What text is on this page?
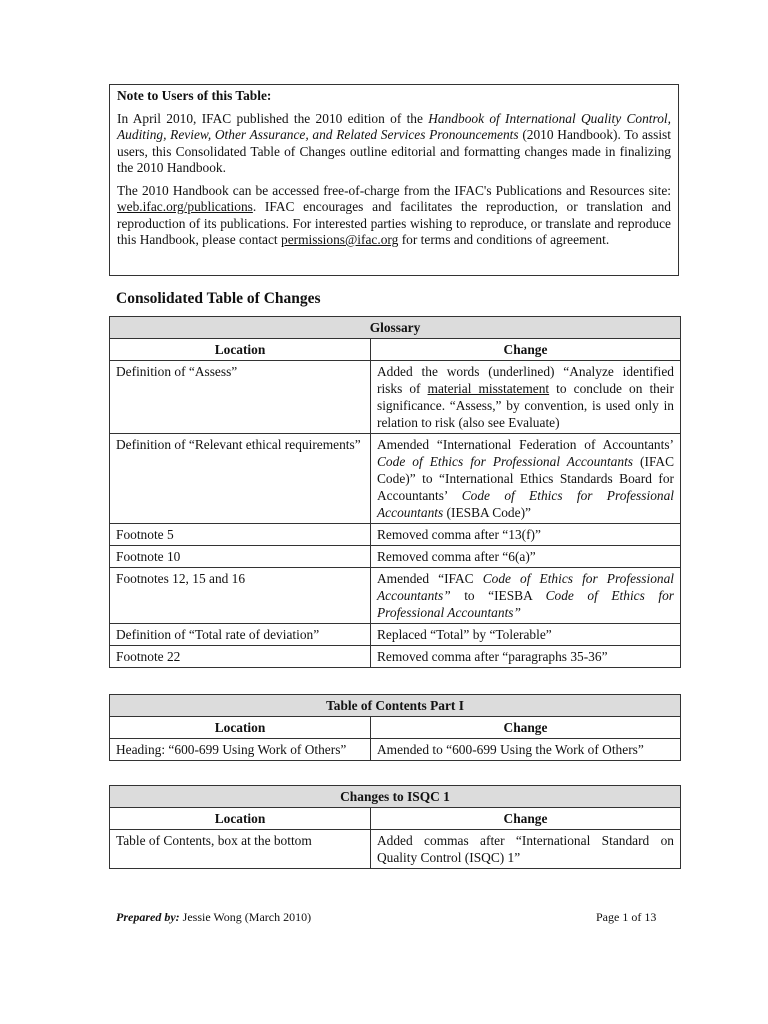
Note to Users of this Table:

In April 2010, IFAC published the 2010 edition of the Handbook of International Quality Control, Auditing, Review, Other Assurance, and Related Services Pronouncements (2010 Handbook). To assist users, this Consolidated Table of Changes outline editorial and formatting changes made in finalizing the 2010 Handbook.

The 2010 Handbook can be accessed free-of-charge from the IFAC's Publications and Resources site: web.ifac.org/publications. IFAC encourages and facilitates the reproduction, or translation and reproduction of its publications. For interested parties wishing to reproduce, or translate and reproduce this Handbook, please contact permissions@ifac.org for terms and conditions of agreement.

Consolidated Table of Changes
Glossary	
Location	Change
Definition of “Assess”	Added the words (underlined) “Analyze identified risks of material misstatement to conclude on their significance. “Assess,” by convention, is used only in relation to risk (also see Evaluate)
Definition of “Relevant ethical requirements”	Amended “International Federation of Accountants’ Code of Ethics for Professional Accountants (IFAC Code)” to “International Ethics Standards Board for Accountants’ Code of Ethics for Professional Accountants (IESBA Code)”
Footnote 5	Removed comma after “13(f)”
Footnote 10	Removed comma after “6(a)”
Footnotes 12, 15 and 16	Amended “IFAC Code of Ethics for Professional Accountants” to “IESBA Code of Ethics for Professional Accountants”
Definition of “Total rate of deviation”	Replaced “Total” by “Tolerable”
Footnote 22	Removed comma after “paragraphs 35-36”
Table of Contents Part I	
Location	Change
Heading: “600-699 Using Work of Others”	Amended to “600-699 Using the Work of Others”
Changes to ISQC 1	
Location	Change
Table of Contents, box at the bottom	Added commas after “International Standard on Quality Control (ISQC) 1”
Prepared by: Jessie Wong (March 2010)	Page 1 of 13
